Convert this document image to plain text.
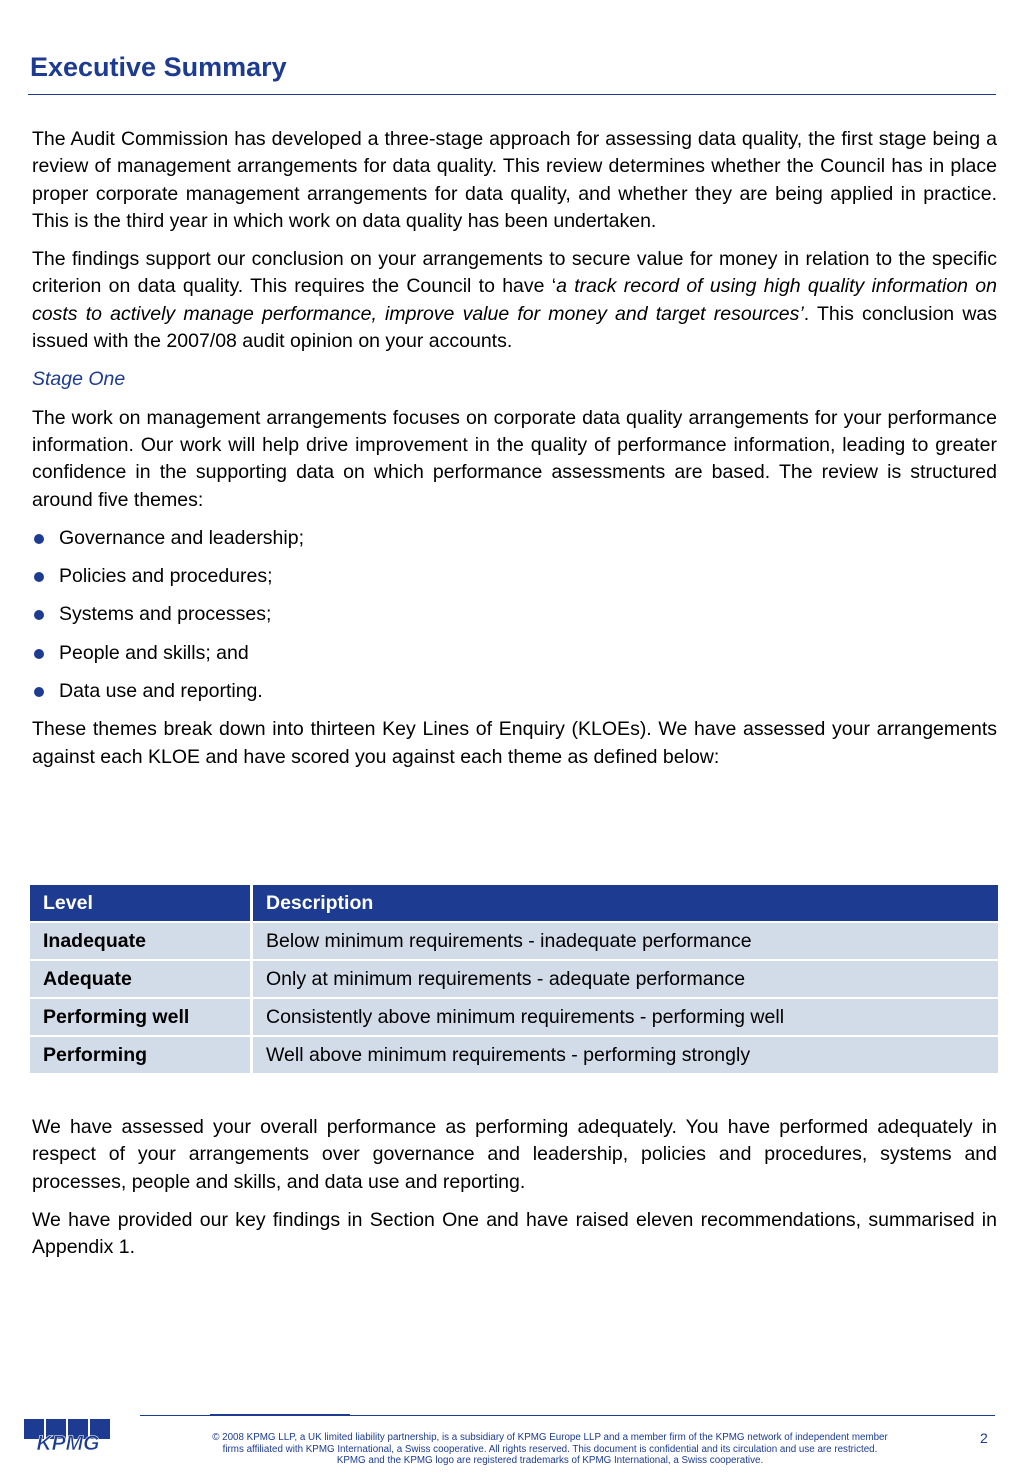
Executive Summary

The Audit Commission has developed a three-stage approach for assessing data quality, the first stage being a review of management arrangements for data quality. This review determines whether the Council has in place proper corporate management arrangements for data quality, and whether they are being applied in practice. This is the third year in which work on data quality has been undertaken.

The findings support our conclusion on your arrangements to secure value for money in relation to the specific criterion on data quality. This requires the Council to have ‘a track record of using high quality information on costs to actively manage performance, improve value for money and target resources’. This conclusion was issued with the 2007/08 audit opinion on your accounts.

Stage One

The work on management arrangements focuses on corporate data quality arrangements for your performance information. Our work will help drive improvement in the quality of performance information, leading to greater confidence in the supporting data on which performance assessments are based. The review is structured around five themes:

Governance and leadership;
Policies and procedures;
Systems and processes;
People and skills; and
Data use and reporting.

These themes break down into thirteen Key Lines of Enquiry (KLOEs). We have assessed your arrangements against each KLOE and have scored you against each theme as defined below:

Level	Description
Inadequate	Below minimum requirements - inadequate performance
Adequate	Only at minimum requirements - adequate performance
Performing well	Consistently above minimum requirements - performing well
Performing	Well above minimum requirements - performing strongly

We have assessed your overall performance as performing adequately. You have performed adequately in respect of your arrangements over governance and leadership, policies and procedures, systems and processes, people and skills, and data use and reporting.

We have provided our key findings in Section One and have raised eleven recommendations, summarised in Appendix 1.

KPMG	© 2008 KPMG LLP, a UK limited liability partnership, is a subsidiary of KPMG Europe LLP and a member firm of the KPMG network of independent member
firms affiliated with KPMG International, a Swiss cooperative. All rights reserved. This document is confidential and its circulation and use are restricted.
KPMG and the KPMG logo are registered trademarks of KPMG International, a Swiss cooperative.
2
